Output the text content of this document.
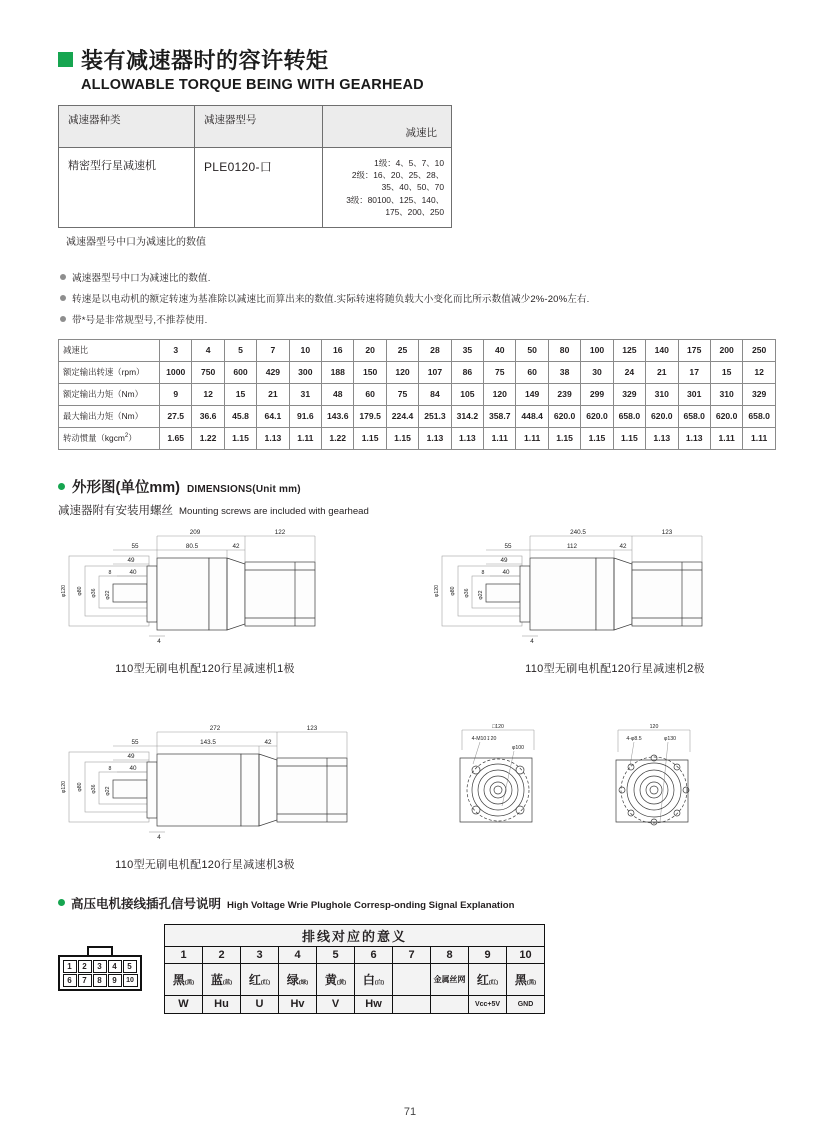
装有减速器时的容许转矩
ALLOWABLE TORQUE BEING WITH GEARHEAD
减速器种类	减速器型号	减速比
精密型行星减速机	PLE0120-口	1级：4、5、7、10
2级：16、20、25、28、
35、40、50、70
3级：80100、125、140、
175、200、250
减速器型号中口为减速比的数值
减速器型号中口为减速比的数值.
转速是以电动机的额定转速为基准除以减速比而算出来的数值.实际转速将随负载大小变化而比所示数值减少2%-20%左右.
带*号是非常规型号,不推荐使用.
减速比	3	4	5	7	10	16	20	25	28	35	40	50	80	100	125	140	175	200	250
额定输出转速（rpm）	1000	750	600	429	300	188	150	120	107	86	75	60	38	30	24	21	17	15	12
额定输出力矩（Nm）	9	12	15	21	31	48	60	75	84	105	120	149	239	299	329	310	301	310	329
最大输出力矩（Nm）	27.5	36.6	45.8	64.1	91.6	143.6	179.5	224.4	251.3	314.2	358.7	448.4	620.0	620.0	658.0	620.0	658.0	620.0	658.0
转动惯量（kgcm$^2$）	1.65	1.22	1.15	1.13	1.11	1.22	1.15	1.15	1.13	1.13	1.11	1.11	1.15	1.15	1.15	1.13	1.13	1.11	1.11
外形图(单位mm) DIMENSIONS(Unit mm)
减速器附有安装用螺丝 Mounting screws are included with gearhead
209	122
55	80.5	42
49
40
8
4
φ120 φ80 φ36 φ22
110型无刷电机配120行星减速机1极
240.5	123
55	112	42
49
40
8
4
φ120 φ80 φ36 φ22
110型无刷电机配120行星减速机2极
272	123
55	143.5	42
49
40
8
4
φ120 φ80 φ36 φ22
110型无刷电机配120行星减速机3极
□120
4-M10↧20
φ100
120
4-φ8.5	φ130
高压电机接线插孔信号说明 High Voltage Wrie Plughole Corresp-onding Signal Explanation
1	2	3	4	5
6	7	8	9	10
排线对应的意义									
1	2	3	4	5	6	7	8	9	10
黑(黑)	蓝(蓝)	红(红)	绿(绿)	黄(黄)	白(白)		金属丝网	红(红)	黑(黑)
W	Hu	U	Hv	V	Hw			Vcc+5V	GND
71
